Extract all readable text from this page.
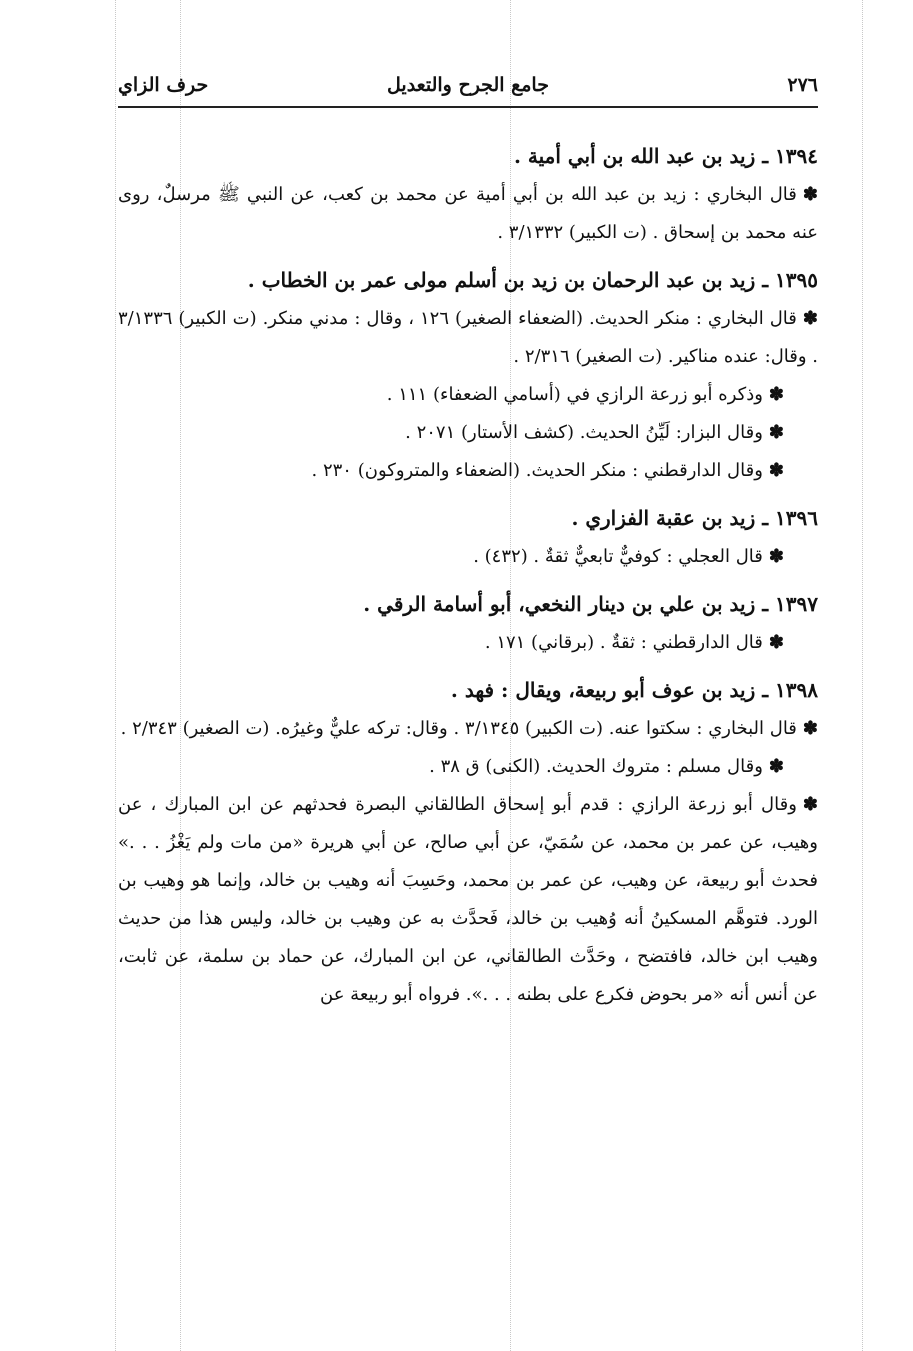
٢٧٦
جامع الجرح والتعديل
حرف الزاي
١٣٩٤ ـ زيد بن عبد الله بن أبي أمية .
✽قال البخاري : زيد بن عبد الله بن أبي أمية عن محمد بن كعب، عن النبي ﷺ مرسلٌ، روى عنه محمد بن إسحاق . (ت الكبير) ٣/١٣٣٢ .
١٣٩٥ ـ زيد بن عبد الرحمان بن زيد بن أسلم مولى عمر بن الخطاب .
✽قال البخاري : منكر الحديث. (الضعفاء الصغير) ١٢٦ ، وقال : مدني منكر. (ت الكبير) ٣/١٣٣٦ . وقال: عنده مناكير. (ت الصغير) ٢/٣١٦ .
✽وذكره أبو زرعة الرازي في (أسامي الضعفاء) ١١١ .
✽وقال البزار: لَيِّنُ الحديث. (كشف الأستار) ٢٠٧١ .
✽وقال الدارقطني : منكر الحديث. (الضعفاء والمتروكون) ٢٣٠ .
١٣٩٦ ـ زيد بن عقبة الفزاري .
✽قال العجلي : كوفيٌّ تابعيٌّ ثقةٌ . (٤٣٢) .
١٣٩٧ ـ زيد بن علي بن دينار النخعي، أبو أسامة الرقي .
✽قال الدارقطني : ثقةٌ . (برقاني) ١٧١ .
١٣٩٨ ـ زيد بن عوف أبو ربيعة، ويقال : فهد .
✽قال البخاري : سكتوا عنه. (ت الكبير) ٣/١٣٤٥ . وقال: تركه عليٌّ وغيرُه. (ت الصغير) ٢/٣٤٣ .
✽وقال مسلم : متروك الحديث. (الكنى) ق ٣٨ .
✽وقال أبو زرعة الرازي : قدم أبو إسحاق الطالقاني البصرة فحدثهم عن ابن المبارك ، عن وهيب، عن عمر بن محمد، عن سُمَيّ، عن أبي صالح، عن أبي هريرة «من مات ولم يَغْزُ . . .» فحدث أبو ربيعة، عن وهيب، عن عمر بن محمد، وحَسِبَ أنه وهيب بن خالد، وإنما هو وهيب بن الورد. فتوهَّم المسكينُ أنه وُهيب بن خالد، فَحدَّث به عن وهيب بن خالد، وليس هذا من حديث وهيب ابن خالد، فافتضح ، وحَدَّث الطالقاني، عن ابن المبارك، عن حماد بن سلمة، عن ثابت، عن أنس أنه «مر بحوض فكرع على بطنه . . .». فرواه أبو ربيعة عن
